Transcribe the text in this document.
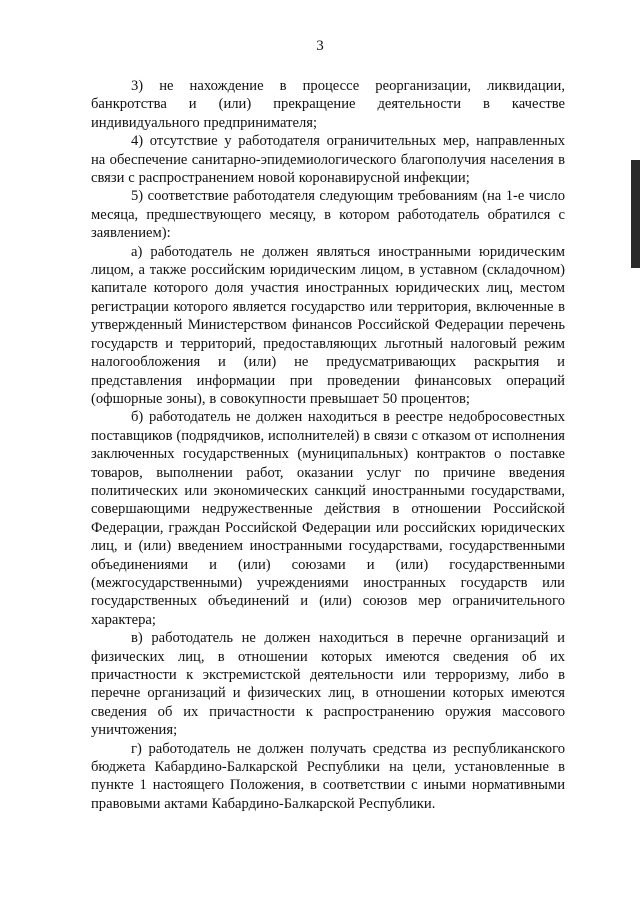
3

3) не нахождение в процессе реорганизации, ликвидации, банкротства и (или) прекращение деятельности в качестве индивидуального предпринимателя;

4) отсутствие у работодателя ограничительных мер, направленных на обеспечение санитарно-эпидемиологического благополучия населения в связи с распространением новой коронавирусной инфекции;

5) соответствие работодателя следующим требованиям (на 1-е число месяца, предшествующего месяцу, в котором работодатель обратился с заявлением):

а) работодатель не должен являться иностранными юридическим лицом, а также российским юридическим лицом, в уставном (складочном) капитале которого доля участия иностранных юридических лиц, местом регистрации которого является государство или территория, включенные в утвержденный Министерством финансов Российской Федерации перечень государств и территорий, предоставляющих льготный налоговый режим налогообложения и (или) не предусматривающих раскрытия и представления информации при проведении финансовых операций (офшорные зоны), в совокупности превышает 50 процентов;

б) работодатель не должен находиться в реестре недобросовестных поставщиков (подрядчиков, исполнителей) в связи с отказом от исполнения заключенных государственных (муниципальных) контрактов о поставке товаров, выполнении работ, оказании услуг по причине введения политических или экономических санкций иностранными государствами, совершающими недружественные действия в отношении Российской Федерации, граждан Российской Федерации или российских юридических лиц, и (или) введением иностранными государствами, государственными объединениями и (или) союзами и (или) государственными (межгосударственными) учреждениями иностранных государств или государственных объединений и (или) союзов мер ограничительного характера;

в) работодатель не должен находиться в перечне организаций и физических лиц, в отношении которых имеются сведения об их причастности к экстремистской деятельности или терроризму, либо в перечне организаций и физических лиц, в отношении которых имеются сведения об их причастности к распространению оружия массового уничтожения;

г) работодатель не должен получать средства из республиканского бюджета Кабардино-Балкарской Республики на цели, установленные в пункте 1 настоящего Положения, в соответствии с иными нормативными правовыми актами Кабардино-Балкарской Республики.
